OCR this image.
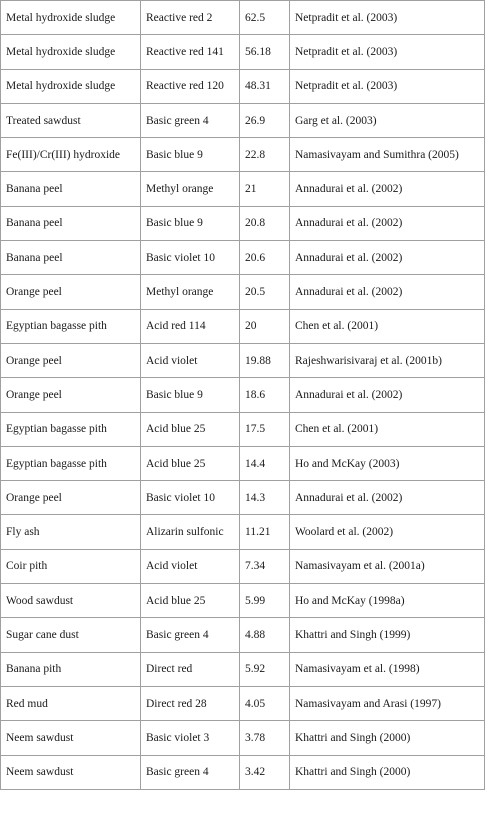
Metal hydroxide sludge	Reactive red 2	62.5	Netpradit et al. (2003)
Metal hydroxide sludge	Reactive red 141	56.18	Netpradit et al. (2003)
Metal hydroxide sludge	Reactive red 120	48.31	Netpradit et al. (2003)
Treated sawdust	Basic green 4	26.9	Garg et al. (2003)
Fe(III)/Cr(III) hydroxide	Basic blue 9	22.8	Namasivayam and Sumithra (2005)
Banana peel	Methyl orange	21	Annadurai et al. (2002)
Banana peel	Basic blue 9	20.8	Annadurai et al. (2002)
Banana peel	Basic violet 10	20.6	Annadurai et al. (2002)
Orange peel	Methyl orange	20.5	Annadurai et al. (2002)
Egyptian bagasse pith	Acid red 114	20	Chen et al. (2001)
Orange peel	Acid violet	19.88	Rajeshwarisivaraj et al. (2001b)
Orange peel	Basic blue 9	18.6	Annadurai et al. (2002)
Egyptian bagasse pith	Acid blue 25	17.5	Chen et al. (2001)
Egyptian bagasse pith	Acid blue 25	14.4	Ho and McKay (2003)
Orange peel	Basic violet 10	14.3	Annadurai et al. (2002)
Fly ash	Alizarin sulfonic	11.21	Woolard et al. (2002)
Coir pith	Acid violet	7.34	Namasivayam et al. (2001a)
Wood sawdust	Acid blue 25	5.99	Ho and McKay (1998a)
Sugar cane dust	Basic green 4	4.88	Khattri and Singh (1999)
Banana pith	Direct red	5.92	Namasivayam et al. (1998)
Red mud	Direct red 28	4.05	Namasivayam and Arasi (1997)
Neem sawdust	Basic violet 3	3.78	Khattri and Singh (2000)
Neem sawdust	Basic green 4	3.42	Khattri and Singh (2000)
